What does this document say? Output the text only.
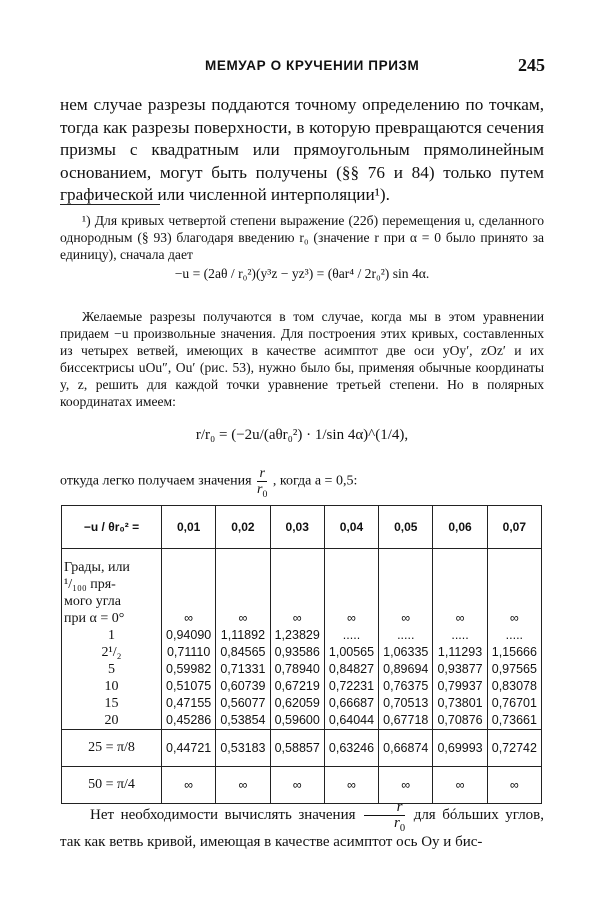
МЕМУАР О КРУЧЕНИИ ПРИЗМ	245
нем случае разрезы поддаются точному определению по точкам, тогда как разрезы поверхности, в которую превращаются сечения призмы с квадратным или прямоугольным прямолинейным основанием, могут быть получены (§§ 76 и 84) только путем графической или численной интерполяции¹).
¹) Для кривых четвертой степени выражение (22б) перемещения u, сделанного однородным (§ 93) благодаря введению r₀ (значение r при α = 0 было принято за единицу), сначала дает
−u = (2aθ / r₀²)(y³z − yz³) = (θar⁴ / 2r₀²) sin 4α.
Желаемые разрезы получаются в том случае, когда мы в этом уравнении придаем −u произвольные значения. Для построения этих кривых, составленных из четырех ветвей, имеющих в качестве асимптот две оси yOy′, zOz′ и их биссектрисы uOu″, Ou′ (рис. 53), нужно было бы, применяя обычные координаты y, z, решить для каждой точки уравнение третьей степени. Но в полярных координатах имеем:
r/r₀ = (−2u/(aθr₀²) · 1/sin 4α)^(1/4),
откуда легко получаем значения $\frac{r}{r_0}$ , когда a = 0,5:
−u / θr₀² =	0,01	0,02	0,03	0,04	0,05	0,06	0,07

Грады, или
¹/₁₀₀ пря-
мого угла
при α = 0°	∞	∞	∞	∞	∞	∞	∞
1	0,94090	1,11892	1,23829	.....	.....	.....	.....
2¹/₂	0,71110	0,84565	0,93586	1,00565	1,06335	1,11293	1,15666
5	0,59982	0,71331	0,78940	0,84827	0,89694	0,93877	0,97565
10	0,51075	0,60739	0,67219	0,72231	0,76375	0,79937	0,83078
15	0,47155	0,56077	0,62059	0,66687	0,70513	0,73801	0,76701
20	0,45286	0,53854	0,59600	0,64044	0,67718	0,70876	0,73661
25 = π/8	0,44721	0,53183	0,58857	0,63246	0,66874	0,69993	0,72742
50 = π/4	∞	∞	∞	∞	∞	∞	∞
Нет необходимости вычислять значения $\frac{r}{r_0}$ для бóльших углов, так как ветвь кривой, имеющая в качестве асимптот ось Oy и бис-
